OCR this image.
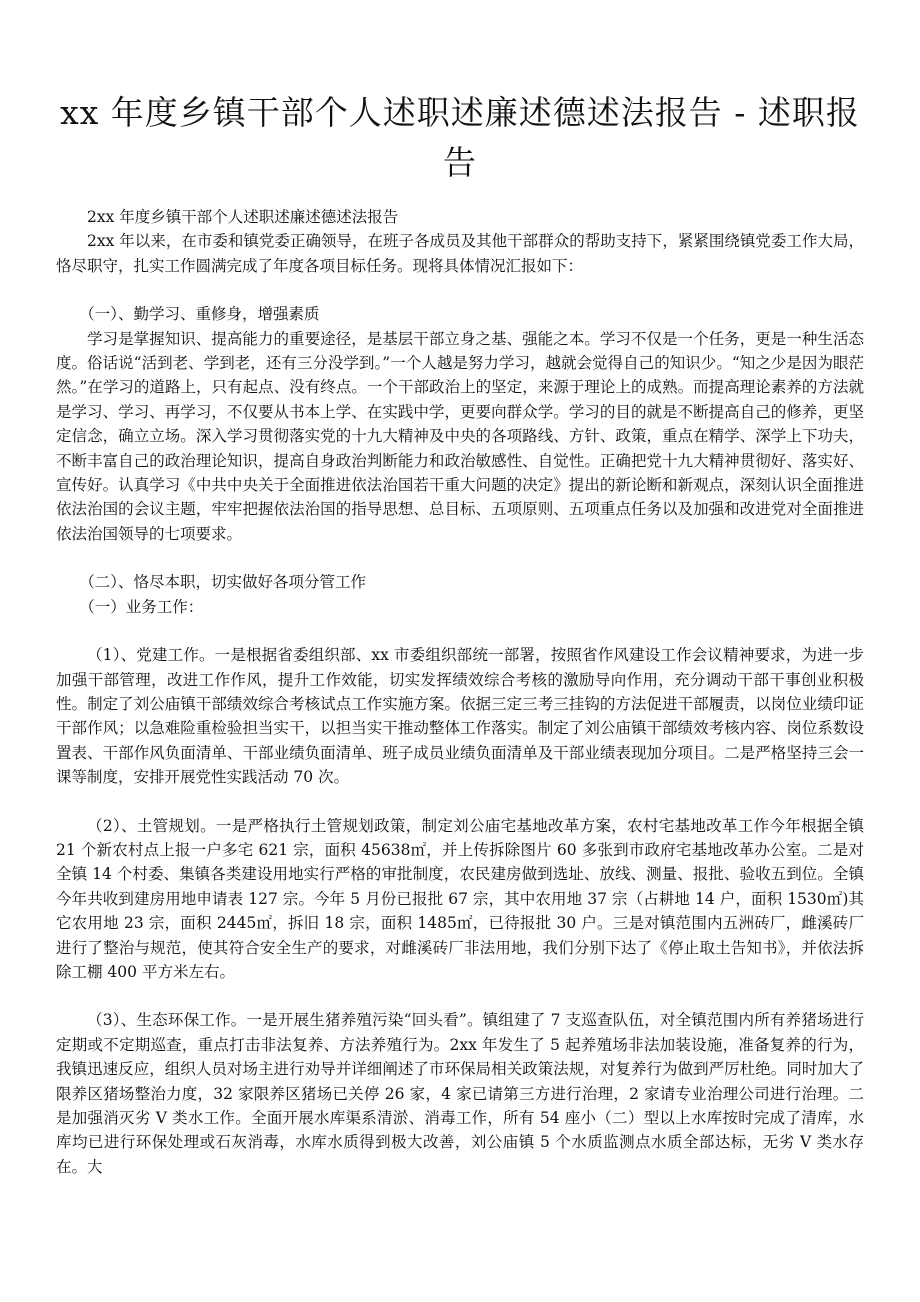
xx 年度乡镇干部个人述职述廉述德述法报告 - 述职报告

2xx 年度乡镇干部个人述职述廉述德述法报告

2xx 年以来，在市委和镇党委正确领导，在班子各成员及其他干部群众的帮助支持下，紧紧围绕镇党委工作大局，恪尽职守，扎实工作圆满完成了年度各项目标任务。现将具体情况汇报如下：

（一）、勤学习、重修身，增强素质

学习是掌握知识、提高能力的重要途径，是基层干部立身之基、强能之本。学习不仅是一个任务，更是一种生活态度。俗话说“活到老、学到老，还有三分没学到。”一个人越是努力学习，越就会觉得自己的知识少。“知之少是因为眼茫然。”在学习的道路上，只有起点、没有终点。一个干部政治上的坚定，来源于理论上的成熟。而提高理论素养的方法就是学习、学习、再学习，不仅要从书本上学、在实践中学，更要向群众学。学习的目的就是不断提高自己的修养，更坚定信念，确立立场。深入学习贯彻落实党的十九大精神及中央的各项路线、方针、政策，重点在精学、深学上下功夫，不断丰富自己的政治理论知识，提高自身政治判断能力和政治敏感性、自觉性。正确把党十九大精神贯彻好、落实好、宣传好。认真学习《中共中央关于全面推进依法治国若干重大问题的决定》提出的新论断和新观点，深刻认识全面推进依法治国的会议主题，牢牢把握依法治国的指导思想、总目标、五项原则、五项重点任务以及加强和改进党对全面推进依法治国领导的七项要求。

（二）、恪尽本职，切实做好各项分管工作

（一）业务工作：

（1）、党建工作。一是根据省委组织部、xx 市委组织部统一部署，按照省作风建设工作会议精神要求，为进一步加强干部管理，改进工作作风，提升工作效能，切实发挥绩效综合考核的激励导向作用，充分调动干部干事创业积极性。制定了刘公庙镇干部绩效综合考核试点工作实施方案。依据三定三考三挂钩的方法促进干部履责，以岗位业绩印证干部作风；以急难险重检验担当实干，以担当实干推动整体工作落实。制定了刘公庙镇干部绩效考核内容、岗位系数设置表、干部作风负面清单、干部业绩负面清单、班子成员业绩负面清单及干部业绩表现加分项目。二是严格坚持三会一课等制度，安排开展党性实践活动 70 次。

（2）、土管规划。一是严格执行土管规划政策，制定刘公庙宅基地改革方案，农村宅基地改革工作今年根据全镇 21 个新农村点上报一户多宅 621 宗，面积 45638㎡，并上传拆除图片 60 多张到市政府宅基地改革办公室。二是对全镇 14 个村委、集镇各类建设用地实行严格的审批制度，农民建房做到选址、放线、测量、报批、验收五到位。全镇今年共收到建房用地申请表 127 宗。今年 5 月份已报批 67 宗，其中农用地 37 宗（占耕地 14 户，面积 1530㎡)其它农用地 23 宗，面积 2445㎡，拆旧 18 宗，面积 1485㎡，已待报批 30 户。三是对镇范围内五洲砖厂，雌溪砖厂进行了整治与规范，使其符合安全生产的要求，对雌溪砖厂非法用地，我们分别下达了《停止取土告知书》，并依法拆除工棚 400 平方米左右。

（3）、生态环保工作。一是开展生猪养殖污染“回头看”。镇组建了 7 支巡查队伍，对全镇范围内所有养猪场进行定期或不定期巡查，重点打击非法复养、方法养殖行为。2xx 年发生了 5 起养殖场非法加装设施，准备复养的行为，我镇迅速反应，组织人员对场主进行劝导并详细阐述了市环保局相关政策法规，对复养行为做到严厉杜绝。同时加大了限养区猪场整治力度，32 家限养区猪场已关停 26 家，4 家已请第三方进行治理，2 家请专业治理公司进行治理。二是加强消灭劣 V 类水工作。全面开展水库渠系清淤、消毒工作，所有 54 座小（二）型以上水库按时完成了清库，水库均已进行环保处理或石灰消毒，水库水质得到极大改善，刘公庙镇 5 个水质监测点水质全部达标，无劣 V 类水存在。大
